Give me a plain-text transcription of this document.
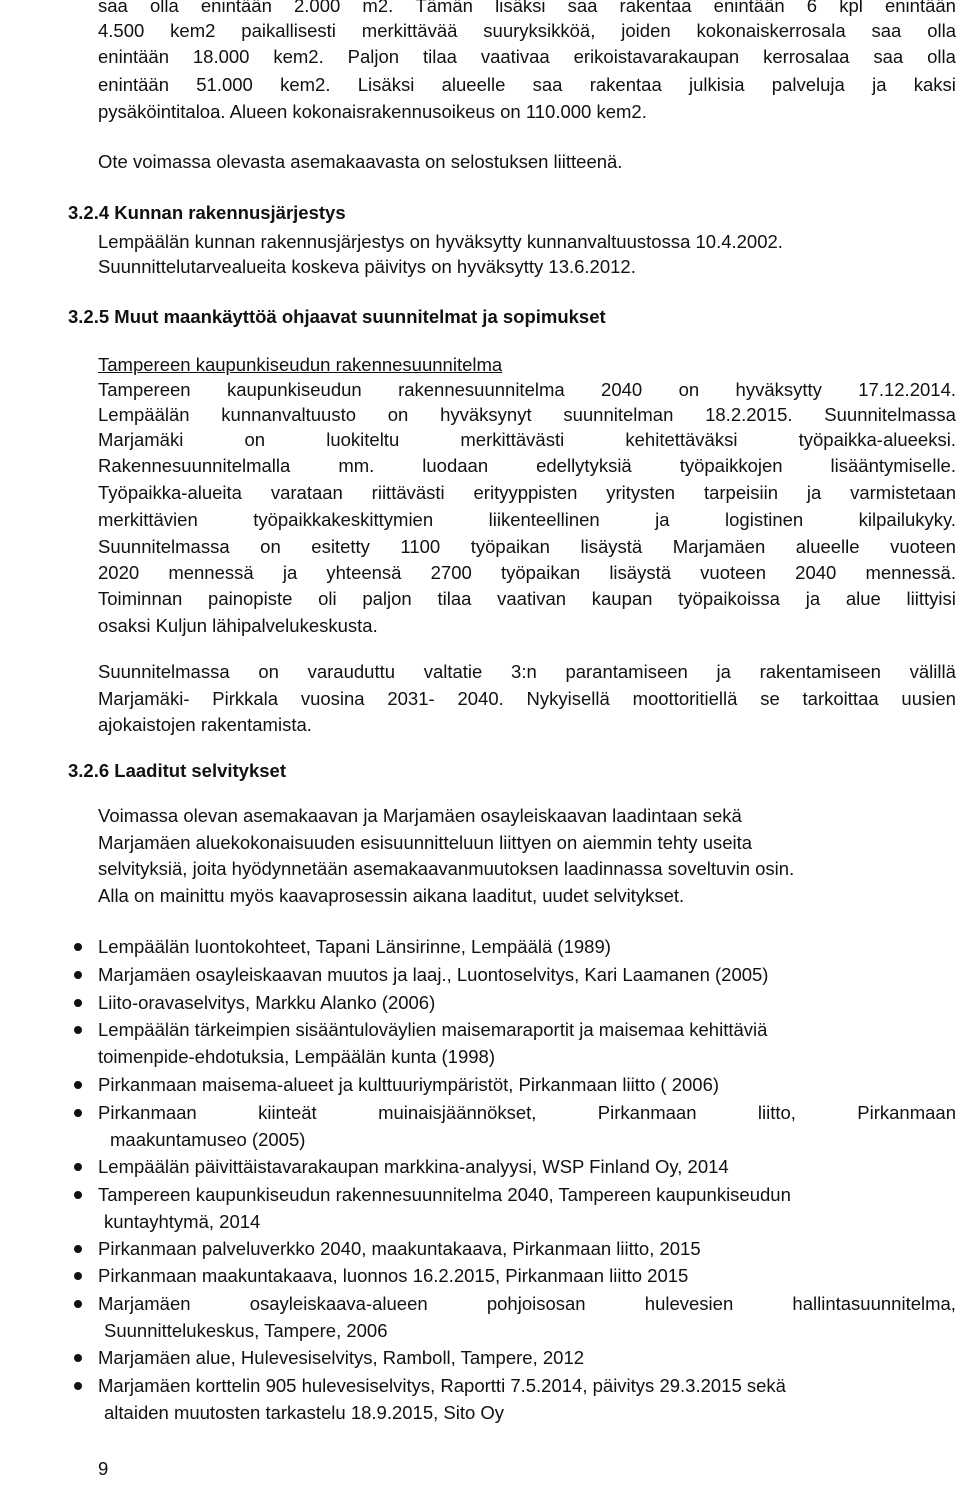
saa olla enintään 2.000 m2. Tämän lisäksi saa rakentaa enintään 6 kpl enintään
4.500 kem2 paikallisesti merkittävää suuryksikköä, joiden kokonaiskerrosala saa olla
enintään 18.000 kem2. Paljon tilaa vaativaa erikoistavarakaupan kerrosalaa saa olla
enintään 51.000 kem2. Lisäksi alueelle saa rakentaa julkisia palveluja ja kaksi
pysäköintitaloa. Alueen kokonaisrakennusoikeus on 110.000 kem2.
Ote voimassa olevasta asemakaavasta on selostuksen liitteenä.
3.2.4 Kunnan rakennusjärjestys
Lempäälän kunnan rakennusjärjestys on hyväksytty kunnanvaltuustossa 10.4.2002.
Suunnittelutarvealueita koskeva päivitys on hyväksytty 13.6.2012.
3.2.5 Muut maankäyttöä ohjaavat suunnitelmat ja sopimukset
Tampereen kaupunkiseudun rakennesuunnitelma
Tampereen kaupunkiseudun rakennesuunnitelma 2040 on hyväksytty 17.12.2014.
Lempäälän kunnanvaltuusto on hyväksynyt suunnitelman 18.2.2015. Suunnitelmassa
Marjamäki	on	luokiteltu	merkittävästi	kehitettäväksi	työpaikka-alueeksi.
Rakennesuunnitelmalla	mm.	luodaan	edellytyksiä	työpaikkojen	lisääntymiselle.
Työpaikka-alueita varataan riittävästi erityyppisten yritysten tarpeisiin ja varmistetaan
merkittävien	työpaikkakeskittymien	liikenteellinen	ja	logistinen	kilpailukyky.
Suunnitelmassa on esitetty 1100 työpaikan lisäystä Marjamäen alueelle vuoteen
2020 mennessä ja yhteensä 2700 työpaikan lisäystä vuoteen 2040 mennessä.
Toiminnan painopiste oli paljon tilaa vaativan kaupan työpaikoissa ja alue liittyisi
osaksi Kuljun lähipalvelukeskusta.
Suunnitelmassa on varauduttu valtatie 3:n parantamiseen ja rakentamiseen välillä
Marjamäki- Pirkkala vuosina 2031- 2040. Nykyisellä moottoritiellä se tarkoittaa uusien
ajokaistojen rakentamista.
3.2.6 Laaditut selvitykset
Voimassa olevan asemakaavan ja Marjamäen osayleiskaavan laadintaan sekä
Marjamäen aluekokonaisuuden esisuunnitteluun liittyen on aiemmin tehty useita
selvityksiä, joita hyödynnetään asemakaavanmuutoksen laadinnassa soveltuvin osin.
Alla on mainittu myös kaavaprosessin aikana laaditut, uudet selvitykset.
Lempäälän luontokohteet, Tapani Länsirinne, Lempäälä (1989)
Marjamäen osayleiskaavan muutos ja laaj., Luontoselvitys, Kari Laamanen (2005)
Liito-oravaselvitys, Markku Alanko (2006)
Lempäälän tärkeimpien sisääntuloväylien maisemaraportit ja maisemaa kehittäviä
toimenpide-ehdotuksia, Lempäälän kunta (1998)
Pirkanmaan maisema-alueet ja kulttuuriympäristöt, Pirkanmaan liitto ( 2006)
Pirkanmaan	kiinteät	muinaisjäännökset,	Pirkanmaan	liitto,	Pirkanmaan
maakuntamuseo (2005)
Lempäälän päivittäistavarakaupan markkina-analyysi, WSP Finland Oy, 2014
Tampereen kaupunkiseudun rakennesuunnitelma 2040, Tampereen kaupunkiseudun
kuntayhtymä, 2014
Pirkanmaan palveluverkko 2040, maakuntakaava, Pirkanmaan liitto, 2015
Pirkanmaan maakuntakaava, luonnos 16.2.2015, Pirkanmaan liitto 2015
Marjamäen	osayleiskaava-alueen	pohjoisosan	hulevesien	hallintasuunnitelma,
Suunnittelukeskus, Tampere, 2006
Marjamäen alue, Hulevesiselvitys, Ramboll, Tampere, 2012
Marjamäen korttelin 905 hulevesiselvitys, Raportti 7.5.2014, päivitys 29.3.2015 sekä
altaiden muutosten tarkastelu 18.9.2015, Sito Oy
9
